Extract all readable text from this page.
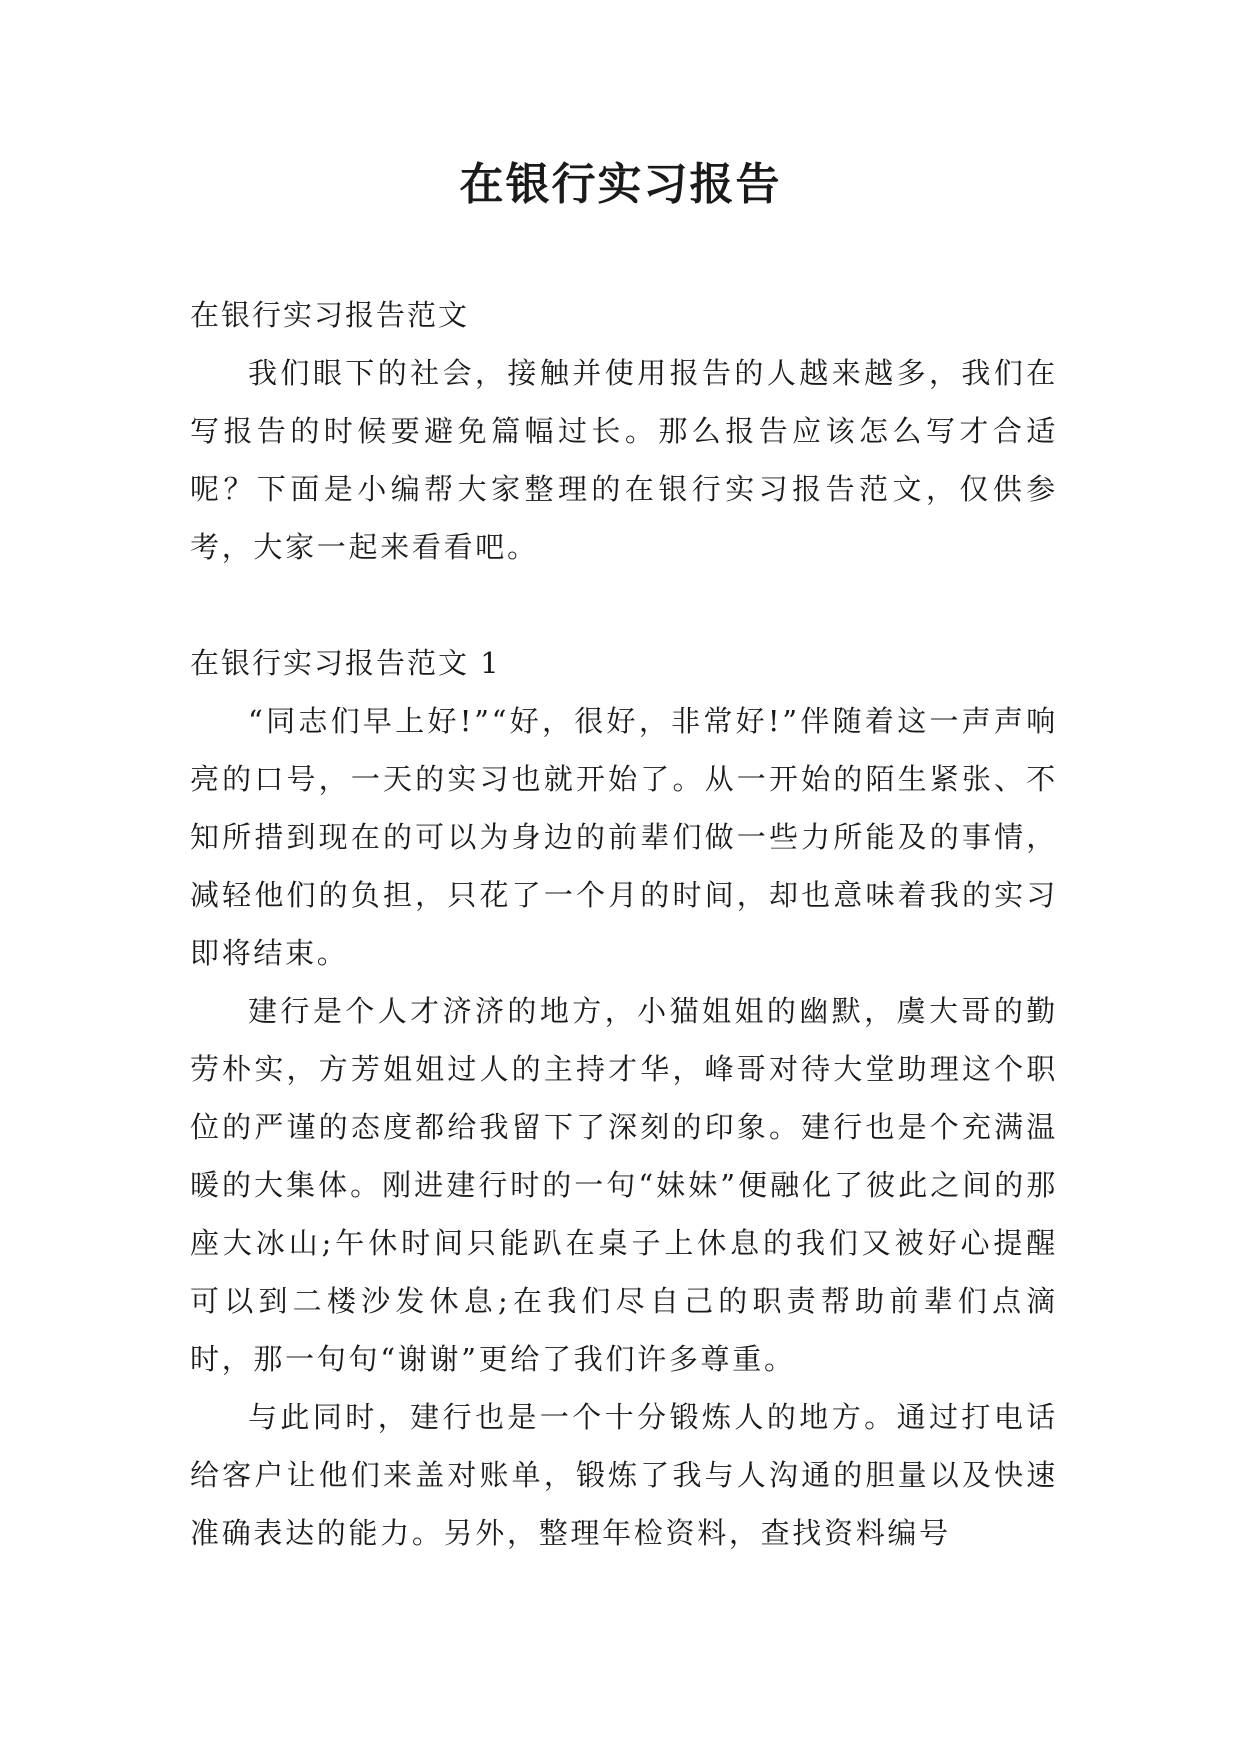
在银行实习报告

在银行实习报告范文

我们眼下的社会，接触并使用报告的人越来越多，我们在写报告的时候要避免篇幅过长。那么报告应该怎么写才合适呢？下面是小编帮大家整理的在银行实习报告范文，仅供参考，大家一起来看看吧。

在银行实习报告范文 1

“同志们早上好!”“好，很好，非常好!”伴随着这一声声响亮的口号，一天的实习也就开始了。从一开始的陌生紧张、不知所措到现在的可以为身边的前辈们做一些力所能及的事情，减轻他们的负担，只花了一个月的时间，却也意味着我的实习即将结束。

建行是个人才济济的地方，小猫姐姐的幽默，虞大哥的勤劳朴实，方芳姐姐过人的主持才华，峰哥对待大堂助理这个职位的严谨的态度都给我留下了深刻的印象。建行也是个充满温暖的大集体。刚进建行时的一句“妹妹”便融化了彼此之间的那座大冰山;午休时间只能趴在桌子上休息的我们又被好心提醒可以到二楼沙发休息;在我们尽自己的职责帮助前辈们点滴时，那一句句“谢谢”更给了我们许多尊重。

与此同时，建行也是一个十分锻炼人的地方。通过打电话给客户让他们来盖对账单，锻炼了我与人沟通的胆量以及快速准确表达的能力。另外，整理年检资料，查找资料编号
